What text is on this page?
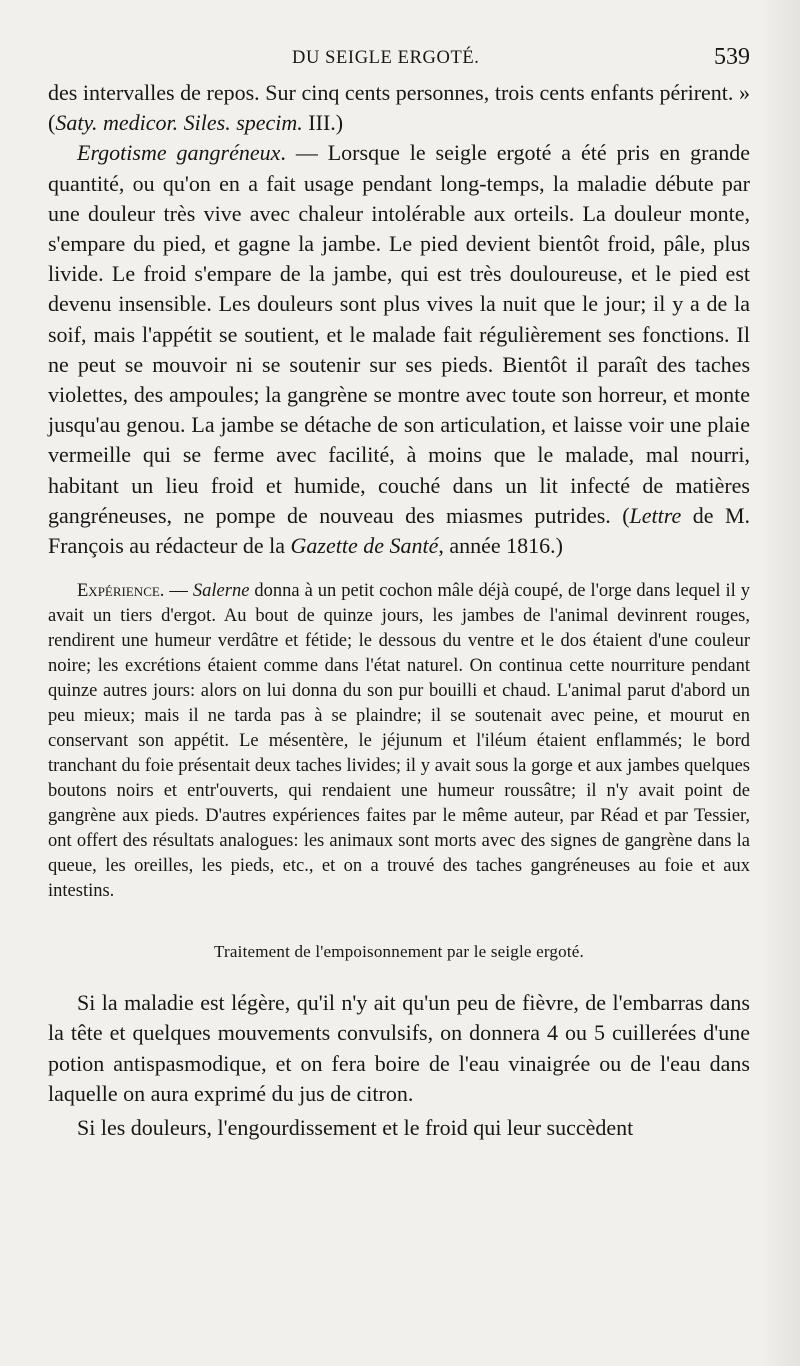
DU SEIGLE ERGOTÉ.	539

des intervalles de repos. Sur cinq cents personnes, trois cents enfants périrent. » (Saty. medicor. Siles. specim. III.)

Ergotisme gangréneux. — Lorsque le seigle ergoté a été pris en grande quantité, ou qu'on en a fait usage pendant long-temps, la maladie débute par une douleur très vive avec chaleur intolérable aux orteils. La douleur monte, s'empare du pied, et gagne la jambe. Le pied devient bientôt froid, pâle, plus livide. Le froid s'empare de la jambe, qui est très douloureuse, et le pied est devenu insensible. Les douleurs sont plus vives la nuit que le jour; il y a de la soif, mais l'appétit se soutient, et le malade fait régulièrement ses fonctions. Il ne peut se mouvoir ni se soutenir sur ses pieds. Bientôt il paraît des taches violettes, des ampoules; la gangrène se montre avec toute son horreur, et monte jusqu'au genou. La jambe se détache de son articulation, et laisse voir une plaie vermeille qui se ferme avec facilité, à moins que le malade, mal nourri, habitant un lieu froid et humide, couché dans un lit infecté de matières gangréneuses, ne pompe de nouveau des miasmes putrides. (Lettre de M. François au rédacteur de la Gazette de Santé, année 1816.)

Expérience. — Salerne donna à un petit cochon mâle déjà coupé, de l'orge dans lequel il y avait un tiers d'ergot. Au bout de quinze jours, les jambes de l'animal devinrent rouges, rendirent une humeur verdâtre et fétide; le dessous du ventre et le dos étaient d'une couleur noire; les excrétions étaient comme dans l'état naturel. On continua cette nourriture pendant quinze autres jours: alors on lui donna du son pur bouilli et chaud. L'animal parut d'abord un peu mieux; mais il ne tarda pas à se plaindre; il se soutenait avec peine, et mourut en conservant son appétit. Le mésentère, le jéjunum et l'iléum étaient enflammés; le bord tranchant du foie présentait deux taches livides; il y avait sous la gorge et aux jambes quelques boutons noirs et entr'ouverts, qui rendaient une humeur roussâtre; il n'y avait point de gangrène aux pieds. D'autres expériences faites par le même auteur, par Réad et par Tessier, ont offert des résultats analogues: les animaux sont morts avec des signes de gangrène dans la queue, les oreilles, les pieds, etc., et on a trouvé des taches gangréneuses au foie et aux intestins.

Traitement de l'empoisonnement par le seigle ergoté.

Si la maladie est légère, qu'il n'y ait qu'un peu de fièvre, de l'embarras dans la tête et quelques mouvements convulsifs, on donnera 4 ou 5 cuillerées d'une potion antispasmodique, et on fera boire de l'eau vinaigrée ou de l'eau dans laquelle on aura exprimé du jus de citron.

Si les douleurs, l'engourdissement et le froid qui leur succèdent
